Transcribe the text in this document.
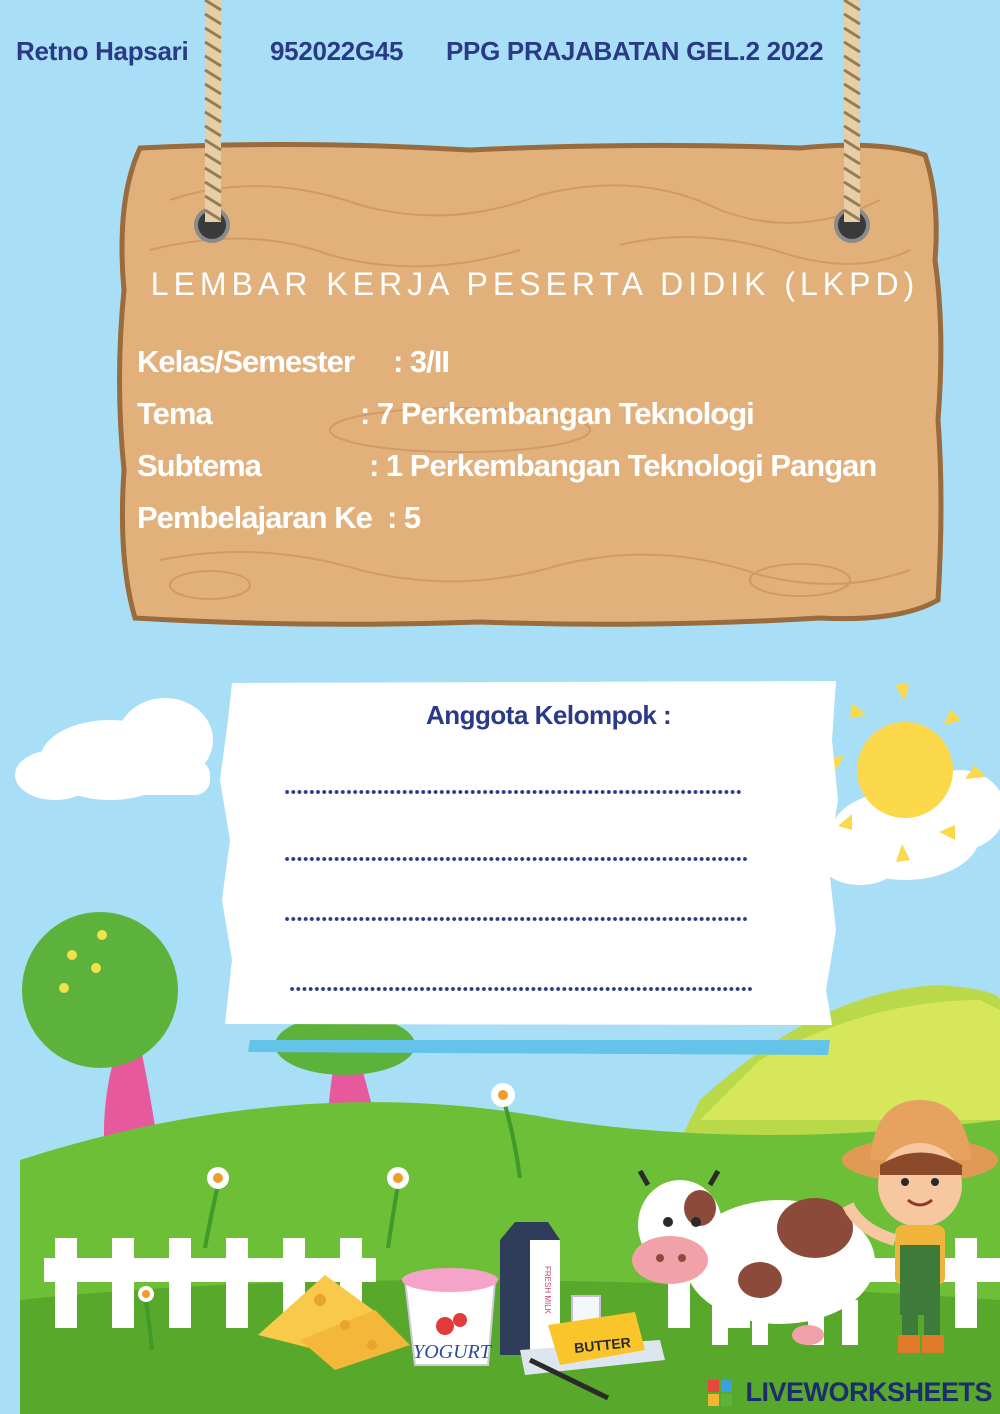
YOGURT
FRESH MILK
BUTTER
Retno Hapsari	952022G45 PPG PRAJABATAN GEL.2 2022
LEMBAR KERJA PESERTA DIDIK (LKPD)
Kelas/Semester : 3/II
Tema	: 7 Perkembangan Teknologi
Subtema	: 1 Perkembangan Teknologi Pangan
Pembelajaran Ke : 5
Anggota Kelompok :
LIVEWORKSHEETS
